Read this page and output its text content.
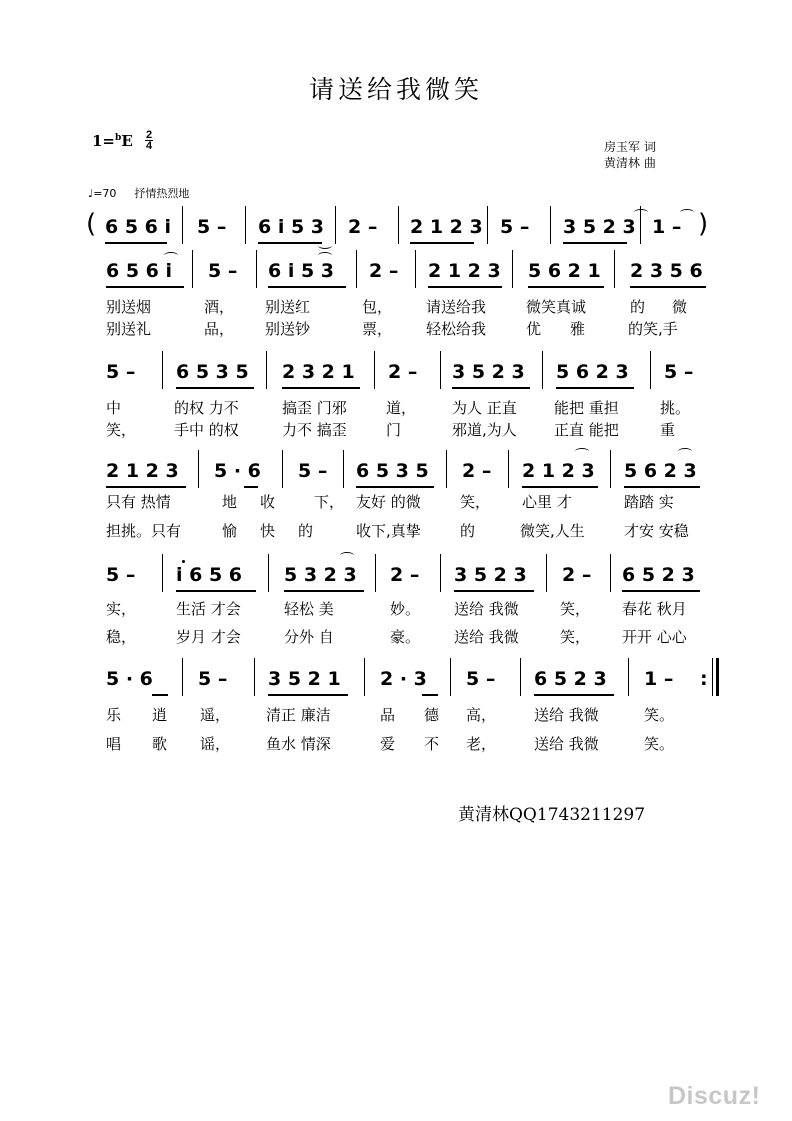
请送给我微笑
1=$^b$E 2
4	房玉军 词
黄清林 曲
♩=70 抒情热烈地
( 6 5 6 i 5 – 6 i 5 3 2 – 2 1 2 3 5 – 3 5 2 3 1 – )
6 5 6 i 5 – 6 i 5 3 2 – 2 1 2 3 5 6 2 1 2 3 5 6
别送烟	酒， 别送红	包， 请送给我	微笑真诚	的 微
别送礼	品， 别送钞	票， 轻松给我	优 雅	的笑,手
5 – 6 5 3 5 2 3 2 1 2 – 3 5 2 3 5 6 2 3 5 –
中	的权 力不	搞歪 门邪	道， 为人 正直 能把 重担	挑。
笑，	手中 的权	力不 搞歪	门	邪道,为人 正直 能把	重
2 1 2 3 5 · 6 5 – 6 5 3 5 2 – 2 1 2 3 5 6 2 3
只有 热情	地 收	下， 友好 的微	笑， 心里 才	踏踏 实
担挑。只有	愉 快 的	收下,真挚	的	微笑,人生	才安 安稳
5 – i 6 5 6 5 3 2 3 2 – 3 5 2 3 2 – 6 5 2 3
实，	生活 才会	轻松 美	妙。 送给 我微	笑， 春花 秋月
稳，	岁月 才会	分外 自	豪。 送给 我微	笑， 开开 心心
5 · 6 5 – 3 5 2 1 2 · 3 5 – 6 5 2 3 1 – :
乐 逍 遥， 清正 廉洁	品 德 高，	送给 我微	笑。
唱 歌 谣， 鱼水 情深	爱 不 老，	送给 我微	笑。
黄清林QQ1743211297
Discuz!
